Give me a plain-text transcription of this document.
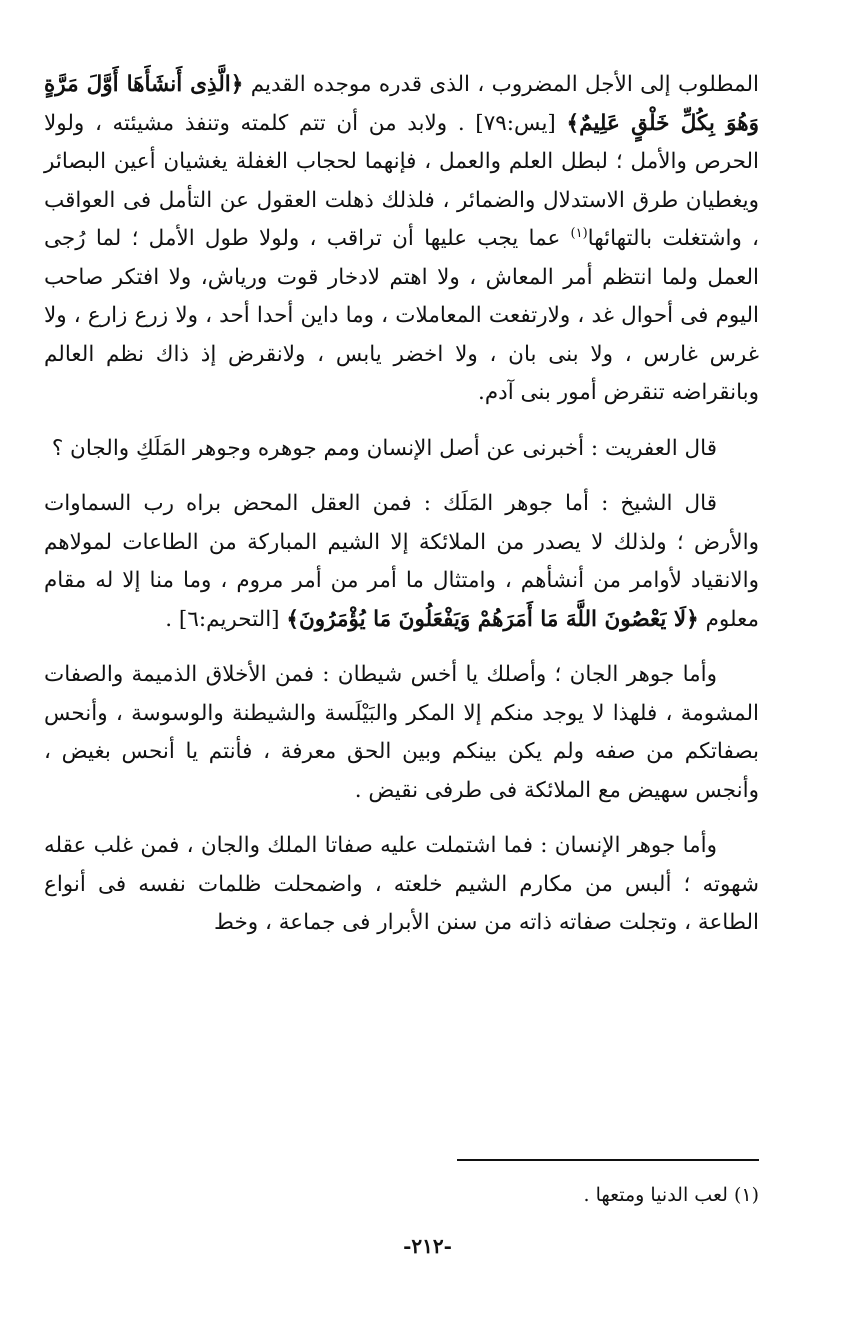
المطلوب إلى الأجل المضروب ، الذى قدره موجده القديم ﴿الَّذِى أَنشَأَهَا أَوَّلَ مَرَّةٍ وَهُوَ بِكُلِّ خَلْقٍ عَلِيمٌ﴾ [يس:٧٩] . ولابد من أن تتم كلمته وتنفذ مشيئته ، ولولا الحرص والأمل ؛ لبطل العلم والعمل ، فإنهما لحجاب الغفلة يغشيان أعين البصائر ويغطيان طرق الاستدلال والضمائر ، فلذلك ذهلت العقول عن التأمل فى العواقب ، واشتغلت بالتهائها$^{(١)}$ عما يجب عليها أن تراقب ، ولولا طول الأمل ؛ لما رُجى العمل ولما انتظم أمر المعاش ، ولا اهتم لادخار قوت ورياش، ولا افتكر صاحب اليوم فى أحوال غد ، ولارتفعت المعاملات ، وما داين أحدا أحد ، ولا زرع زارع ، ولا غرس غارس ، ولا بنى بان ، ولا اخضر يابس ، ولانقرض إذ ذاك نظم العالم وبانقراضه تنقرض أمور بنى آدم.

قال العفريت : أخبرنى عن أصل الإنسان ومم جوهره وجوهر المَلَكِ والجان ؟

قال الشيخ : أما جوهر المَلَك : فمن العقل المحض براه رب السماوات والأرض ؛ ولذلك لا يصدر من الملائكة إلا الشيم المباركة من الطاعات لمولاهم والانقياد لأوامر من أنشأهم ، وامتثال ما أمر من أمر مروم ، وما منا إلا له مقام معلوم ﴿لَا يَعْصُونَ اللَّهَ مَا أَمَرَهُمْ وَيَفْعَلُونَ مَا يُؤْمَرُونَ﴾ [التحريم:٦] .

وأما جوهر الجان ؛ وأصلك يا أخس شيطان : فمن الأخلاق الذميمة والصفات المشومة ، فلهذا لا يوجد منكم إلا المكر والبَيْلَسة والشيطنة والوسوسة ، وأنحس بصفاتكم من صفه ولم يكن بينكم وبين الحق معرفة ، فأنتم يا أنحس بغيض ، وأنجس سهيض مع الملائكة فى طرفى نقيض .

وأما جوهر الإنسان : فما اشتملت عليه صفاتا الملك والجان ، فمن غلب عقله شهوته ؛ ألبس من مكارم الشيم خلعته ، واضمحلت ظلمات نفسه فى أنواع الطاعة ، وتجلت صفاته ذاته من سنن الأبرار فى جماعة ، وخط

(١) لعب الدنيا ومتعها .
-٢١٢-
